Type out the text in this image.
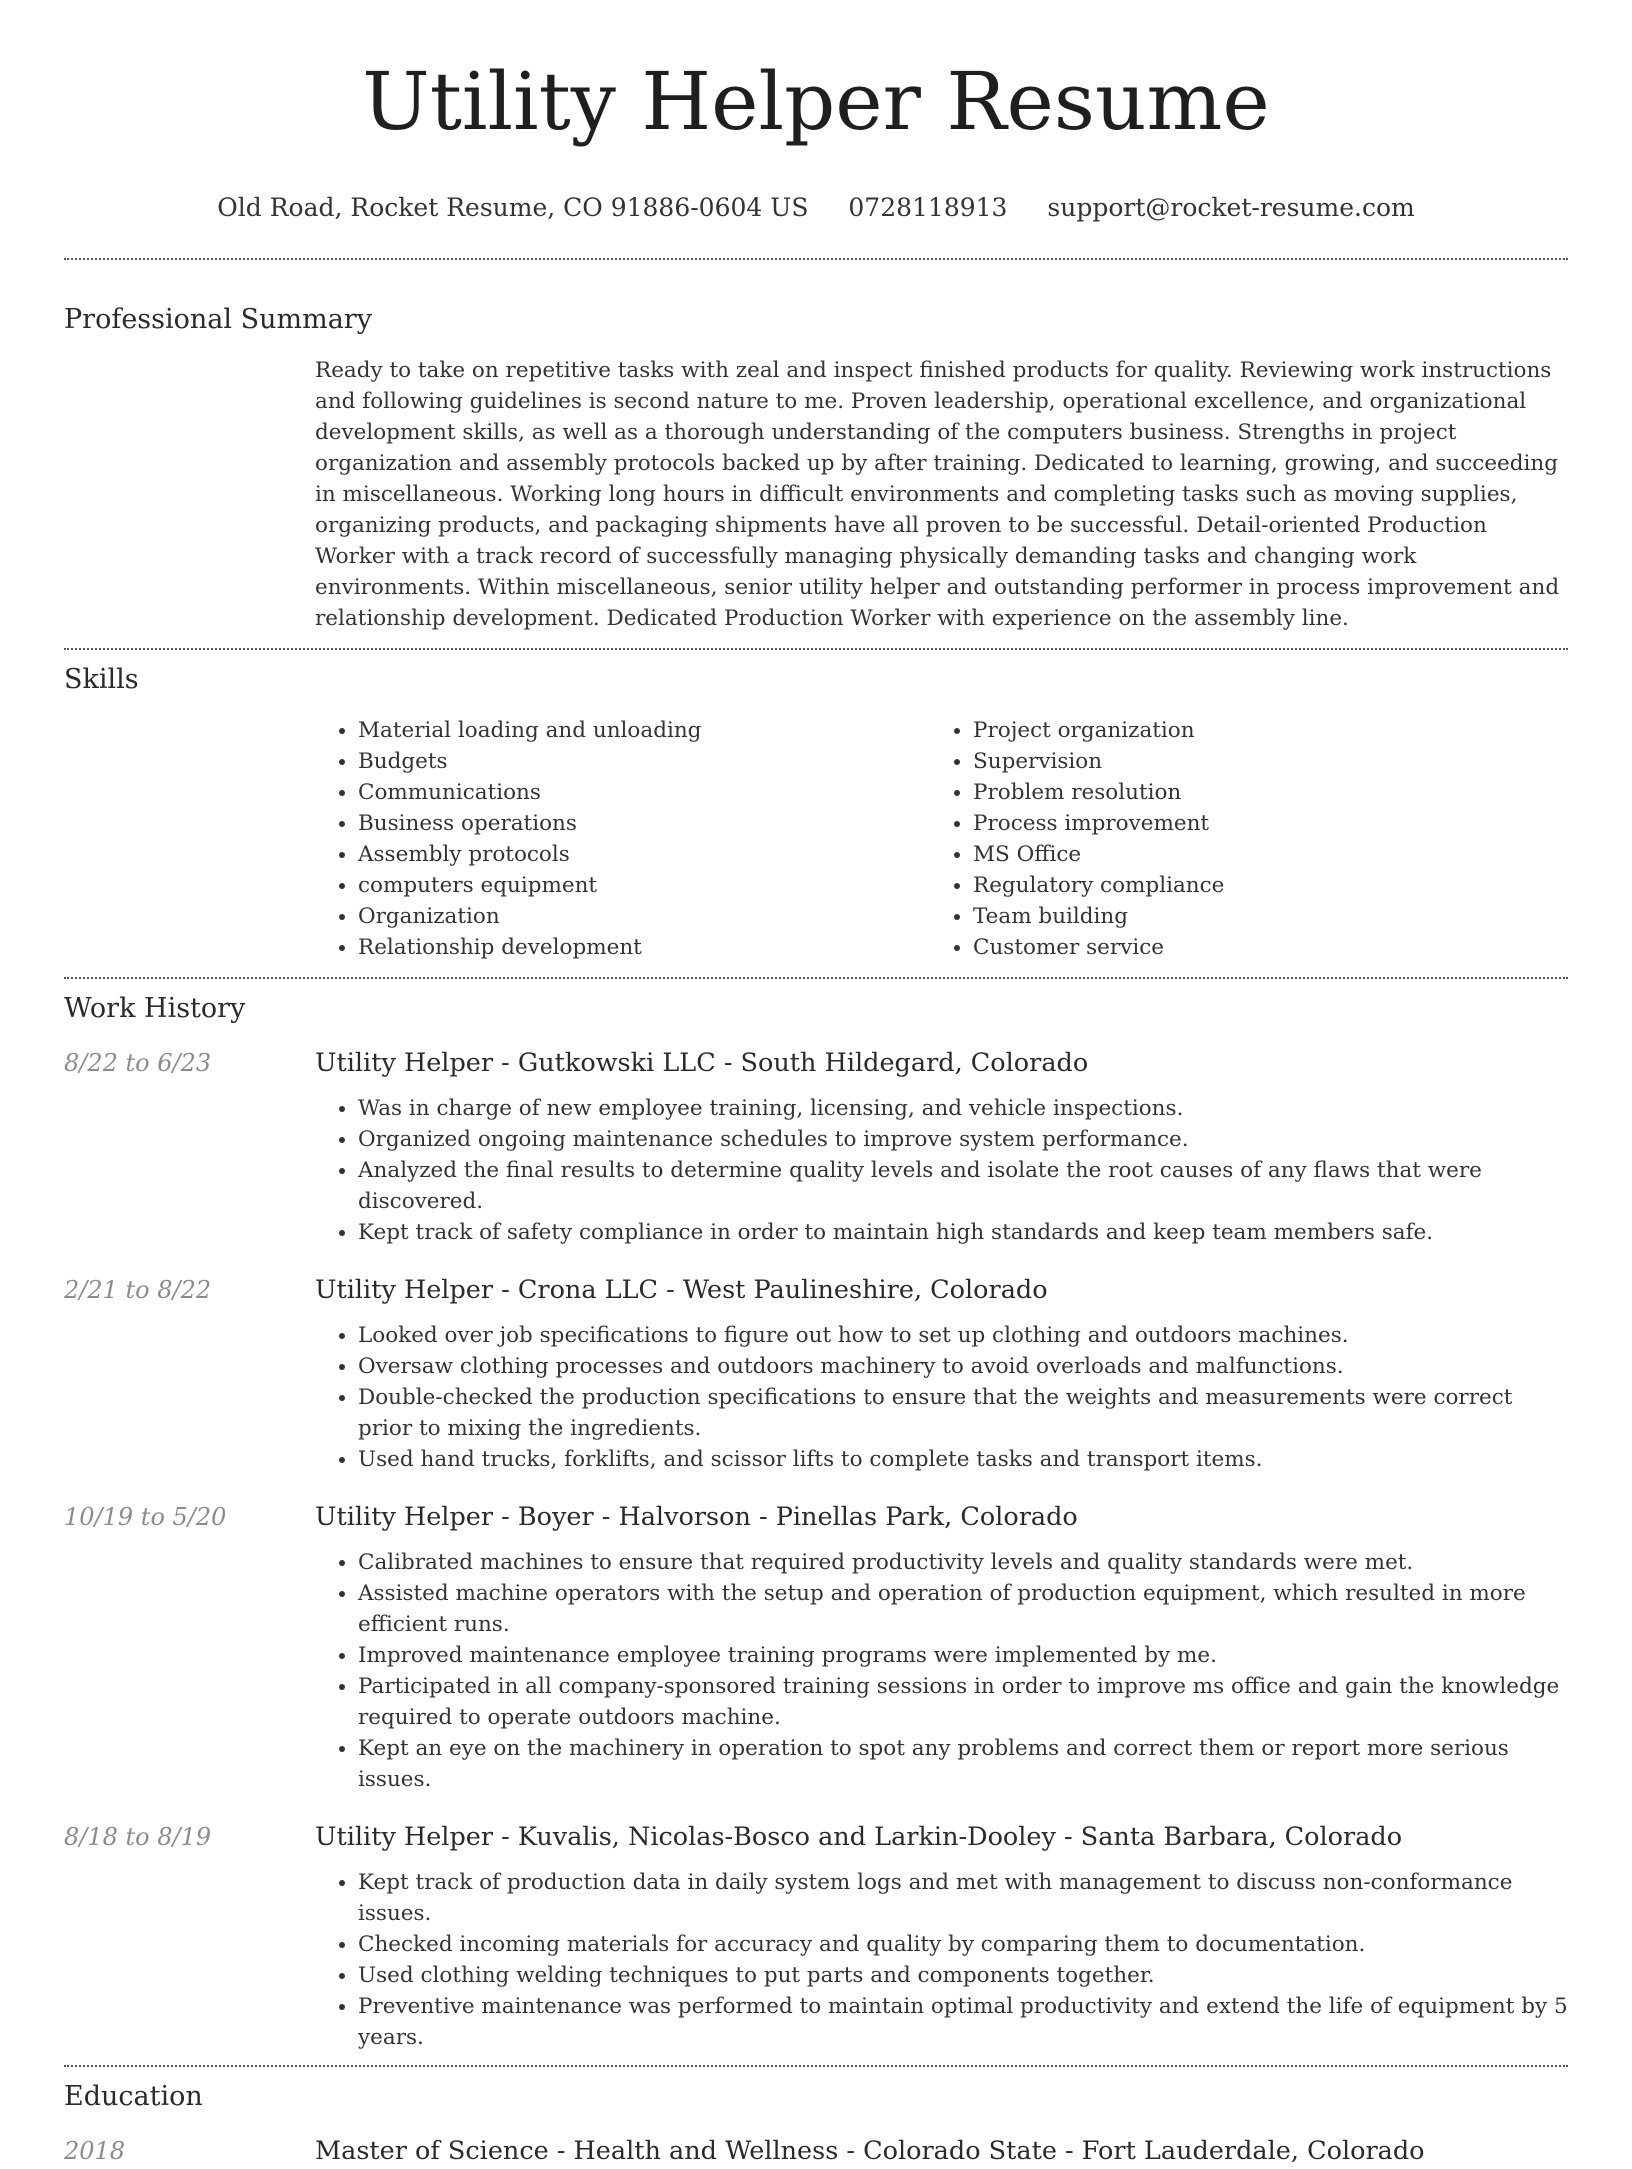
Utility Helper Resume
Old Road, Rocket Resume, CO 91886-0604 US 0728118913 support@rocket-resume.com
Professional Summary

Ready to take on repetitive tasks with zeal and inspect finished products for quality. Reviewing work instructions and following guidelines is second nature to me. Proven leadership, operational excellence, and organizational development skills, as well as a thorough understanding of the computers business. Strengths in project organization and assembly protocols backed up by after training. Dedicated to learning, growing, and succeeding in miscellaneous. Working long hours in difficult environments and completing tasks such as moving supplies, organizing products, and packaging shipments have all proven to be successful. Detail-oriented Production Worker with a track record of successfully managing physically demanding tasks and changing work environments. Within miscellaneous, senior utility helper and outstanding performer in process improvement and relationship development. Dedicated Production Worker with experience on the assembly line.

Skills
• Material loading and unloading
• Budgets
• Communications
• Business operations
• Assembly protocols
• computers equipment
• Organization
• Relationship development
• Project organization
• Supervision
• Problem resolution
• Process improvement
• MS Office
• Regulatory compliance
• Team building
• Customer service
Work History
8/22 to 6/23	Utility Helper - Gutkowski LLC - South Hildegard, Colorado
• Was in charge of new employee training, licensing, and vehicle inspections.
• Organized ongoing maintenance schedules to improve system performance.
• Analyzed the final results to determine quality levels and isolate the root causes of any flaws that were discovered.
• Kept track of safety compliance in order to maintain high standards and keep team members safe.
2/21 to 8/22	Utility Helper - Crona LLC - West Paulineshire, Colorado
• Looked over job specifications to figure out how to set up clothing and outdoors machines.
• Oversaw clothing processes and outdoors machinery to avoid overloads and malfunctions.
• Double-checked the production specifications to ensure that the weights and measurements were correct prior to mixing the ingredients.
• Used hand trucks, forklifts, and scissor lifts to complete tasks and transport items.
10/19 to 5/20	Utility Helper - Boyer - Halvorson - Pinellas Park, Colorado
• Calibrated machines to ensure that required productivity levels and quality standards were met.
• Assisted machine operators with the setup and operation of production equipment, which resulted in more efficient runs.
• Improved maintenance employee training programs were implemented by me.
• Participated in all company-sponsored training sessions in order to improve ms office and gain the knowledge required to operate outdoors machine.
• Kept an eye on the machinery in operation to spot any problems and correct them or report more serious issues.
8/18 to 8/19	Utility Helper - Kuvalis, Nicolas-Bosco and Larkin-Dooley - Santa Barbara, Colorado
• Kept track of production data in daily system logs and met with management to discuss non-conformance issues.
• Checked incoming materials for accuracy and quality by comparing them to documentation.
• Used clothing welding techniques to put parts and components together.
• Preventive maintenance was performed to maintain optimal productivity and extend the life of equipment by 5 years.
Education
2018	Master of Science - Health and Wellness - Colorado State - Fort Lauderdale, Colorado
